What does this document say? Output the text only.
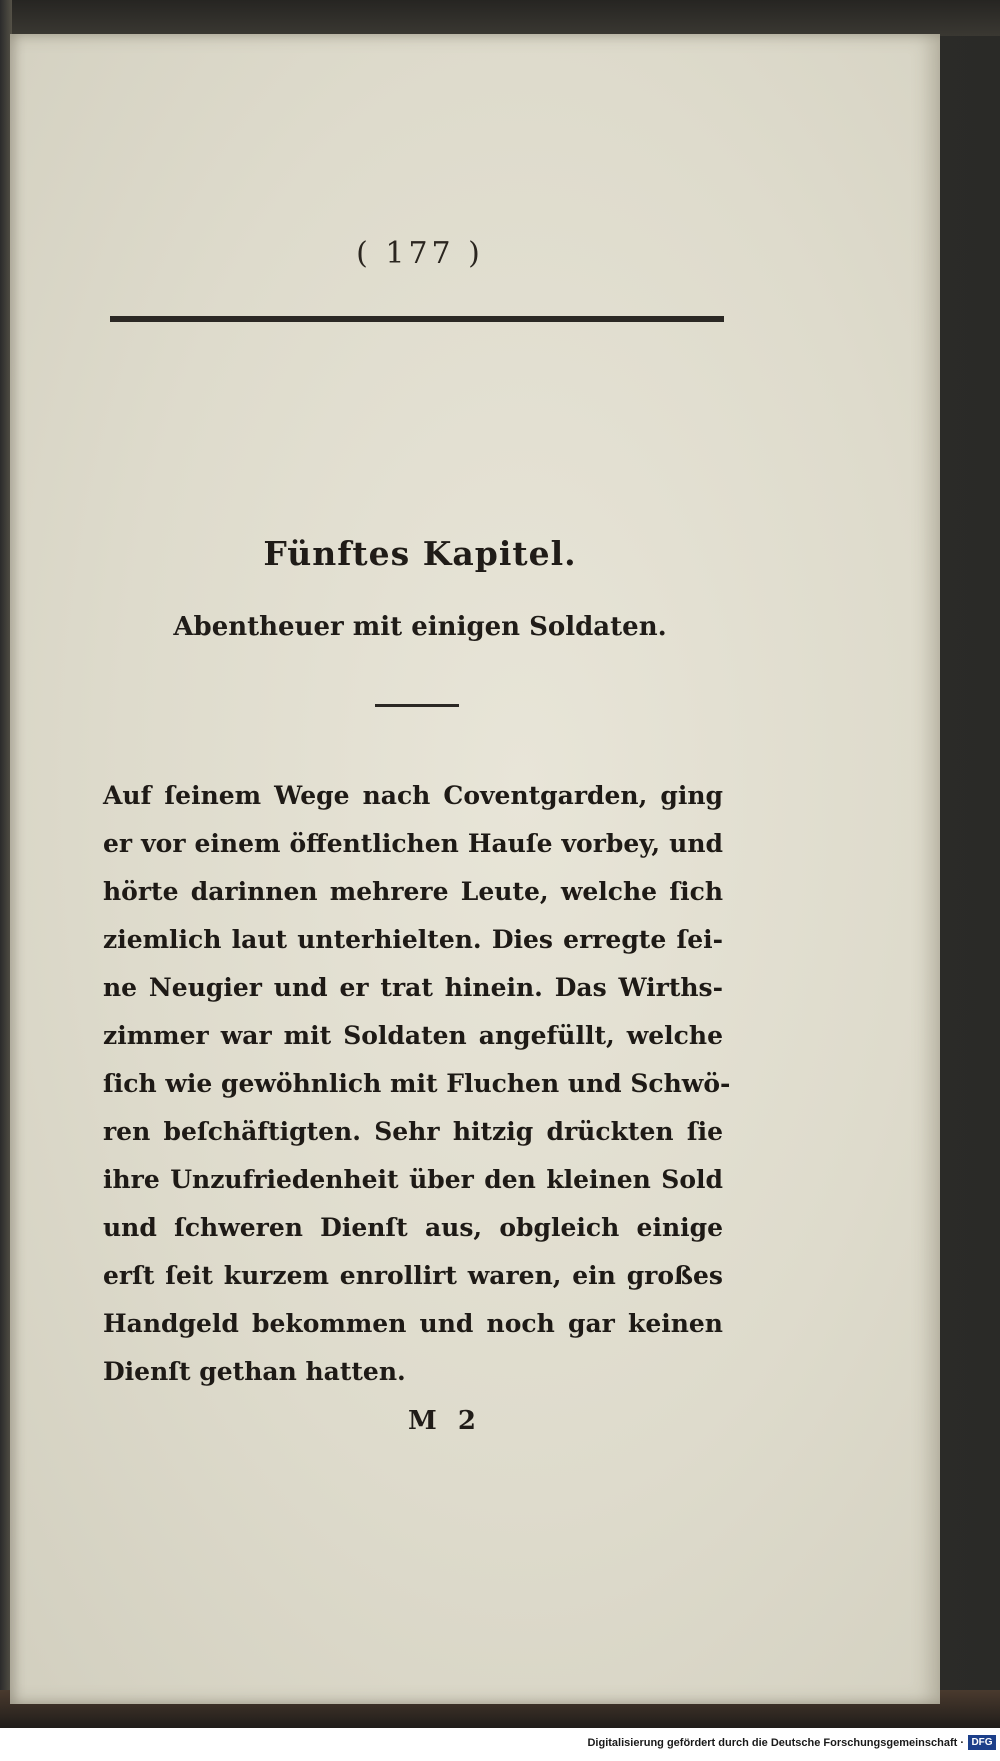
( 177 )
Fünftes Kapitel.
Abentheuer mit einigen Soldaten.
Auf ſeinem Wege nach Coventgarden, ging
er vor einem öffentlichen Hauſe vorbey, und
hörte darinnen mehrere Leute, welche ſich
ziemlich laut unterhielten. Dies erregte ſei-
ne Neugier und er trat hinein. Das Wirths-
zimmer war mit Soldaten angefüllt, welche
ſich wie gewöhnlich mit Fluchen und Schwö-
ren beſchäftigten. Sehr hitzig drückten ſie
ihre Unzufriedenheit über den kleinen Sold
und ſchweren Dienſt aus, obgleich einige
erſt ſeit kurzem enrollirt waren, ein großes
Handgeld bekommen und noch gar keinen
Dienſt gethan hatten.
M 2
Digitalisierung gefördert durch die Deutsche Forschungsgemeinschaft · DFG
